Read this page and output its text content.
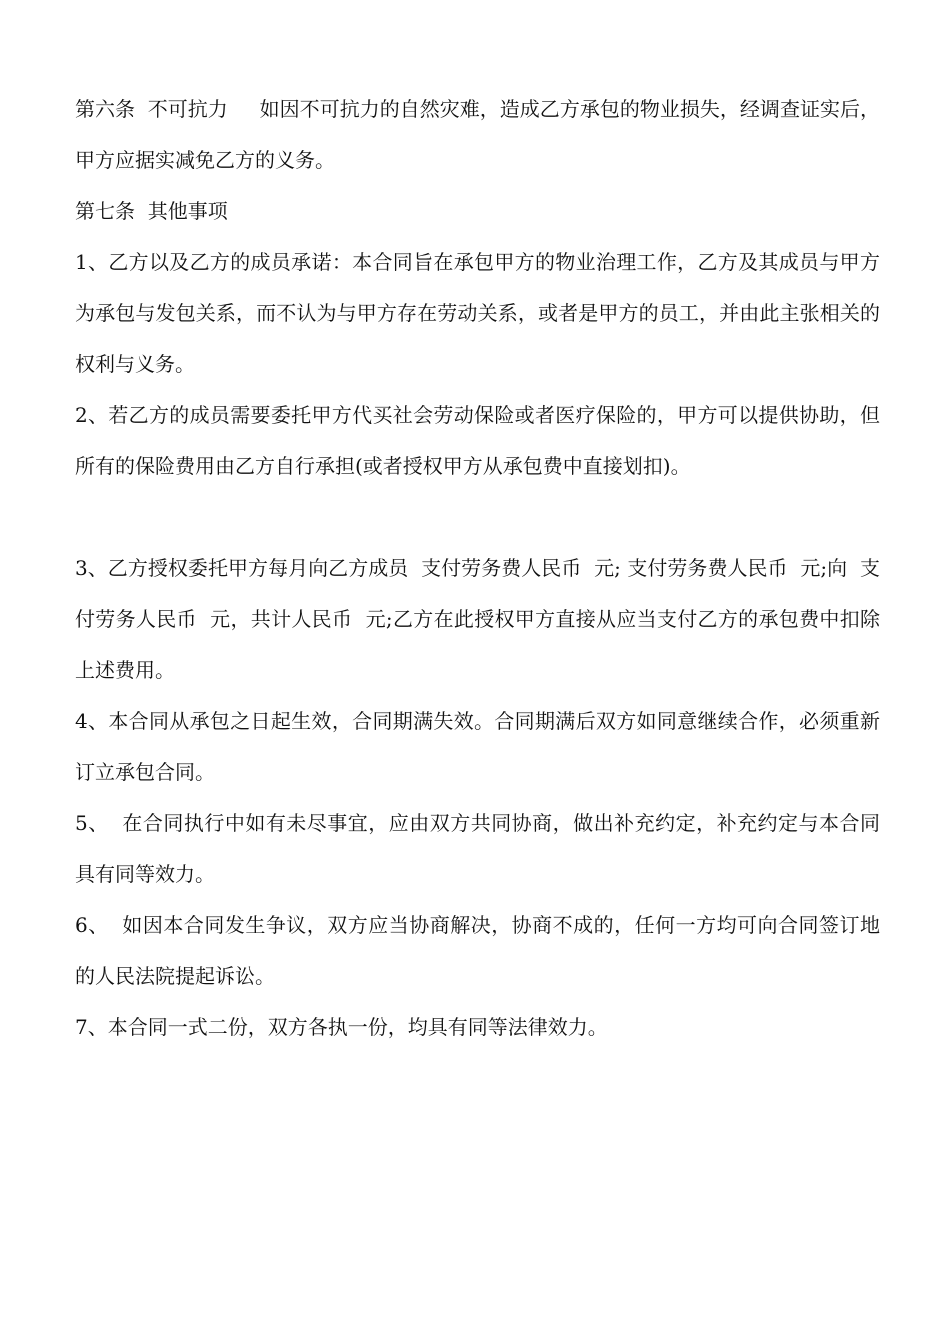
第六条  不可抗力     如因不可抗力的自然灾难，造成乙方承包的物业损失，经调查证实后，甲方应据实减免乙方的义务。

第七条  其他事项

1、乙方以及乙方的成员承诺：本合同旨在承包甲方的物业治理工作，乙方及其成员与甲方为承包与发包关系，而不认为与甲方存在劳动关系，或者是甲方的员工，并由此主张相关的权利与义务。

2、若乙方的成员需要委托甲方代买社会劳动保险或者医疗保险的，甲方可以提供协助，但所有的保险费用由乙方自行承担(或者授权甲方从承包费中直接划扣)。

3、乙方授权委托甲方每月向乙方成员  支付劳务费人民币  元; 支付劳务费人民币  元;向  支付劳务人民币  元，共计人民币  元;乙方在此授权甲方直接从应当支付乙方的承包费中扣除上述费用。

4、本合同从承包之日起生效，合同期满失效。合同期满后双方如同意继续合作，必须重新订立承包合同。

5、  在合同执行中如有未尽事宜，应由双方共同协商，做出补充约定，补充约定与本合同具有同等效力。

6、  如因本合同发生争议，双方应当协商解决，协商不成的，任何一方均可向合同签订地的人民法院提起诉讼。

7、本合同一式二份，双方各执一份，均具有同等法律效力。
